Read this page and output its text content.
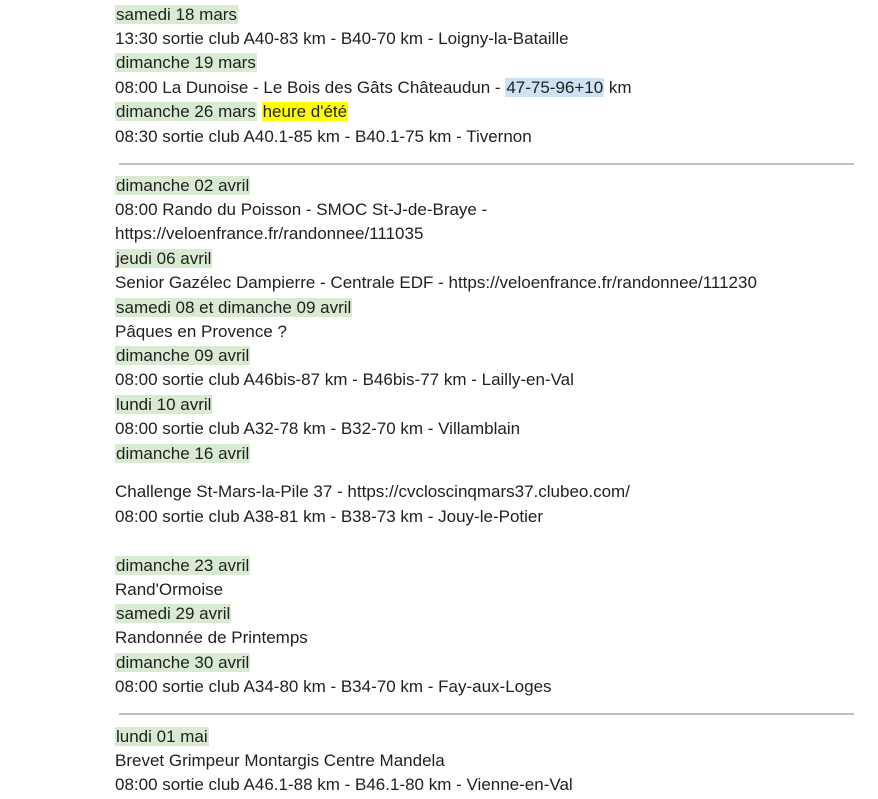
samedi 18 mars
13:30 sortie club A40-83 km - B40-70 km - Loigny-la-Bataille
dimanche 19 mars
08:00 La Dunoise - Le Bois des Gâts Châteaudun - 47-75-96+10 km
dimanche 26 mars heure d'été
08:30 sortie club A40.1-85 km - B40.1-75 km - Tivernon
dimanche 02 avril
08:00 Rando du Poisson - SMOC St-J-de-Braye -
https://veloenfrance.fr/randonnee/111035
jeudi 06 avril
Senior Gazélec Dampierre - Centrale EDF - https://veloenfrance.fr/randonnee/111230
samedi 08 et dimanche 09 avril
Pâques en Provence ?
dimanche 09 avril
08:00 sortie club A46bis-87 km - B46bis-77 km - Lailly-en-Val
lundi 10 avril
08:00 sortie club A32-78 km - B32-70 km - Villamblain
dimanche 16 avril
Challenge St-Mars-la-Pile 37 - https://cvcloscinqmars37.clubeo.com/
08:00 sortie club A38-81 km - B38-73 km - Jouy-le-Potier
dimanche 23 avril
Rand'Ormoise
samedi 29 avril
Randonnée de Printemps
dimanche 30 avril
08:00 sortie club A34-80 km - B34-70 km - Fay-aux-Loges
lundi 01 mai
Brevet Grimpeur Montargis Centre Mandela
08:00 sortie club A46.1-88 km - B46.1-80 km - Vienne-en-Val
